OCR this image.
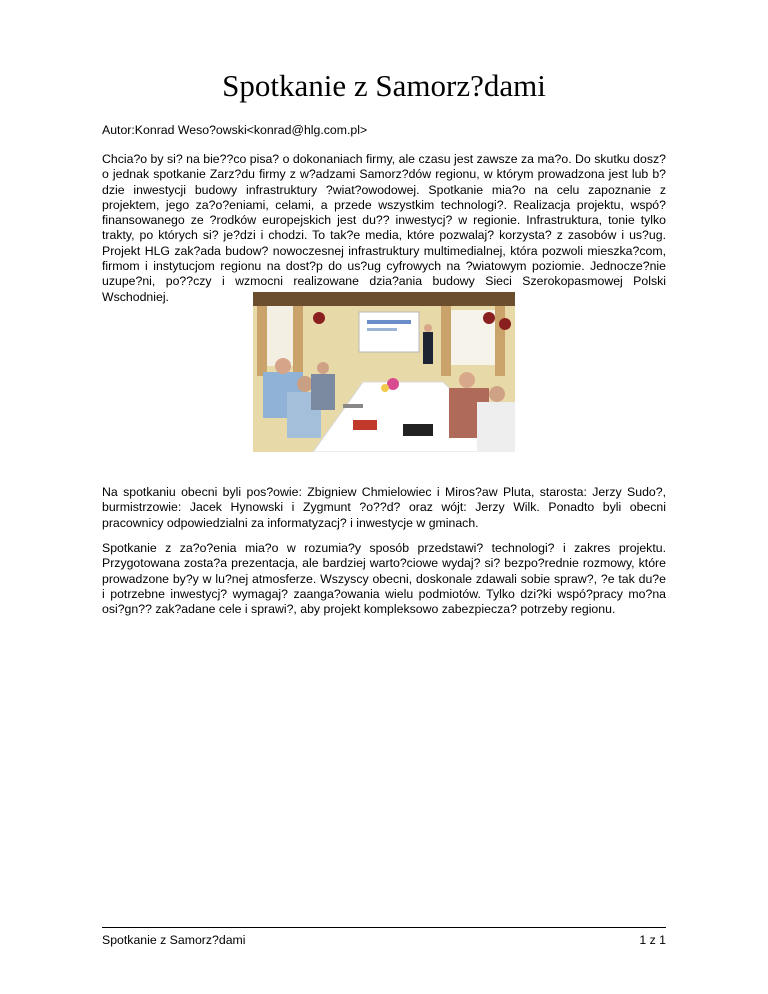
Spotkanie z Samorz?dami
Autor:Konrad Weso?owski<konrad@hlg.com.pl>

Chcia?o by si? na bie??co pisa? o dokonaniach firmy, ale czasu jest zawsze za ma?o. Do skutku dosz?o jednak spotkanie Zarz?du firmy z w?adzami Samorz?dów regionu, w którym prowadzona jest lub b?dzie inwestycji budowy infrastruktury ?wiat?owodowej. Spotkanie mia?o na celu zapoznanie z projektem, jego za?o?eniami, celami, a przede wszystkim technologi?. Realizacja projektu, wspó?finansowanego ze ?rodków europejskich jest du?? inwestycj? w regionie. Infrastruktura, tonie tylko trakty, po których si? je?dzi i chodzi. To tak?e media, które pozwalaj? korzysta? z zasobów i us?ug. Projekt HLG zak?ada budow? nowoczesnej infrastruktury multimedialnej, która pozwoli mieszka?com, firmom i instytucjom regionu na dost?p do us?ug cyfrowych na ?wiatowym poziomie. Jednocze?nie uzupe?ni, po??czy i wzmocni realizowane dzia?ania budowy Sieci Szerokopasmowej Polski Wschodniej.

Na spotkaniu obecni byli pos?owie: Zbigniew Chmielowiec i Miros?aw Pluta, starosta: Jerzy Sudo?, burmistrzowie: Jacek Hynowski i Zygmunt ?o??d? oraz wójt: Jerzy Wilk. Ponadto byli obecni pracownicy odpowiedzialni za informatyzacj? i inwestycje w gminach.

Spotkanie z za?o?enia mia?o w rozumia?y sposób przedstawi? technologi? i zakres projektu. Przygotowana zosta?a prezentacja, ale bardziej warto?ciowe wydaj? si? bezpo?rednie rozmowy, które prowadzone by?y w lu?nej atmosferze. Wszyscy obecni, doskonale zdawali sobie spraw?, ?e tak du?e i potrzebne inwestycj? wymagaj? zaanga?owania wielu podmiotów. Tylko dzi?ki wspó?pracy mo?na osi?gn?? zak?adane cele i sprawi?, aby projekt kompleksowo zabezpiecza? potrzeby regionu.

Spotkanie z Samorz?dami	1 z 1
